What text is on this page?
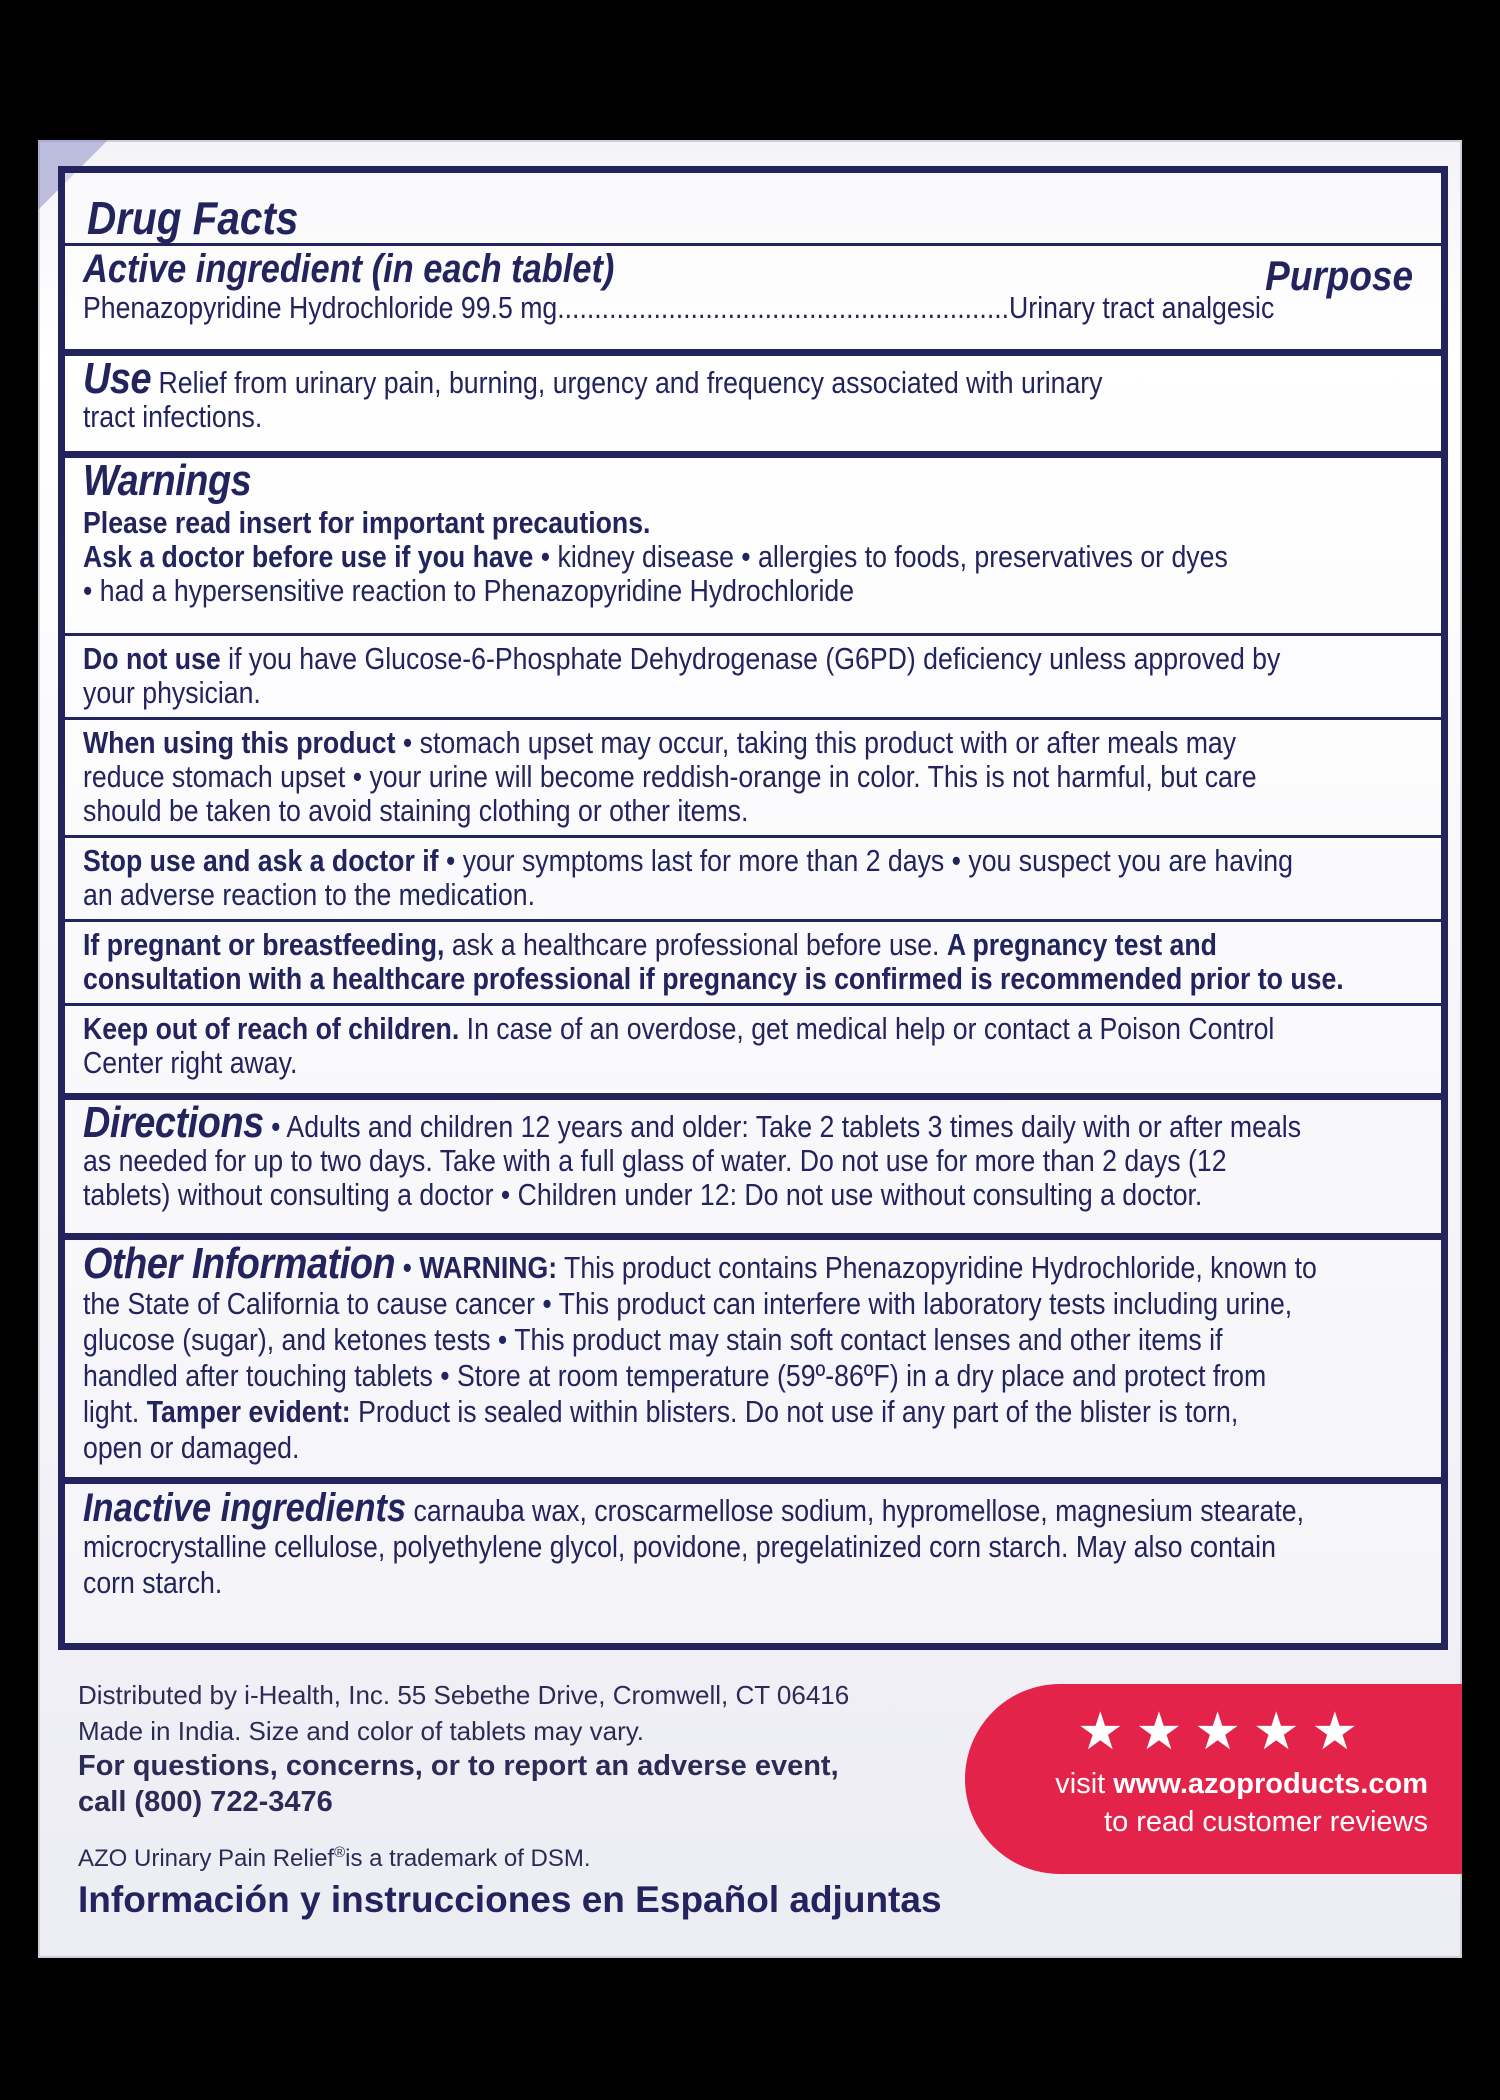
Drug Facts
Active ingredient (in each tablet)	Purpose
Phenazopyridine Hydrochloride 99.5 mg.............................................................Urinary tract analgesic
Use Relief from urinary pain, burning, urgency and frequency associated with urinary
tract infections.
Warnings
Please read insert for important precautions.
Ask a doctor before use if you have • kidney disease • allergies to foods, preservatives or dyes
• had a hypersensitive reaction to Phenazopyridine Hydrochloride
Do not use if you have Glucose-6-Phosphate Dehydrogenase (G6PD) deficiency unless approved by
your physician.
When using this product • stomach upset may occur, taking this product with or after meals may
reduce stomach upset • your urine will become reddish-orange in color. This is not harmful, but care
should be taken to avoid staining clothing or other items.
Stop use and ask a doctor if • your symptoms last for more than 2 days • you suspect you are having
an adverse reaction to the medication.
If pregnant or breastfeeding, ask a healthcare professional before use. A pregnancy test and
consultation with a healthcare professional if pregnancy is confirmed is recommended prior to use.
Keep out of reach of children. In case of an overdose, get medical help or contact a Poison Control
Center right away.
Directions • Adults and children 12 years and older: Take 2 tablets 3 times daily with or after meals
as needed for up to two days. Take with a full glass of water. Do not use for more than 2 days (12
tablets) without consulting a doctor • Children under 12: Do not use without consulting a doctor.
Other Information • WARNING: This product contains Phenazopyridine Hydrochloride, known to
the State of California to cause cancer • This product can interfere with laboratory tests including urine,
glucose (sugar), and ketones tests • This product may stain soft contact lenses and other items if
handled after touching tablets • Store at room temperature (59º-86ºF) in a dry place and protect from
light. Tamper evident: Product is sealed within blisters. Do not use if any part of the blister is torn,
open or damaged.
Inactive ingredients carnauba wax, croscarmellose sodium, hypromellose, magnesium stearate,
microcrystalline cellulose, polyethylene glycol, povidone, pregelatinized corn starch. May also contain
corn starch.
Distributed by i-Health, Inc. 55 Sebethe Drive, Cromwell, CT 06416
Made in India. Size and color of tablets may vary.
For questions, concerns, or to report an adverse event,
call (800) 722-3476
AZO Urinary Pain Relief®is a trademark of DSM.
Información y instrucciones en Español adjuntas
★★★★★
visit www.azoproducts.com
to read customer reviews
